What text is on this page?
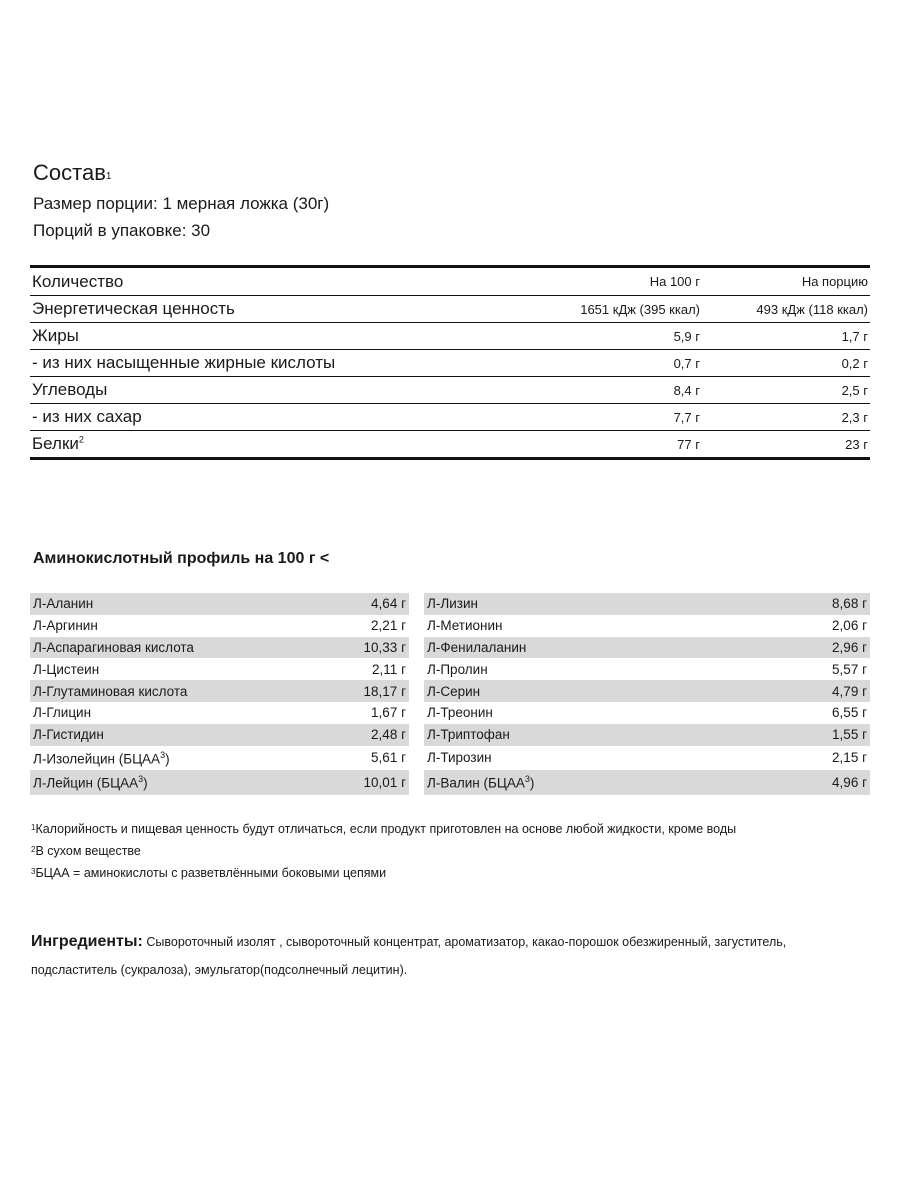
Состав$^1$
Размер порции: 1 мерная ложка (30г)
Порций в упаковке: 30
Количество	На 100 г	На порцию
Энергетическая ценность	1651 кДж (395 ккал)	493 кДж (118 ккал)
Жиры	5,9 г	1,7 г
- из них насыщенные жирные кислоты	0,7 г	0,2 г
Углеводы	8,4 г	2,5 г
- из них сахар	7,7 г	2,3 г
Белки$^2$	77 г	23 г
Аминокислотный профиль на 100 г <
Л-Аланин	4,64 г
Л-Аргинин	2,21 г
Л-Аспарагиновая кислота	10,33 г
Л-Цистеин	2,11 г
Л-Глутаминовая кислота	18,17 г
Л-Глицин	1,67 г
Л-Гистидин	2,48 г
Л-Изолейцин (БЦАА$^3$)	5,61 г
Л-Лейцин (БЦАА$^3$)	10,01 г
Л-Лизин	8,68 г
Л-Метионин	2,06 г
Л-Фенилаланин	2,96 г
Л-Пролин	5,57 г
Л-Серин	4,79 г
Л-Треонин	6,55 г
Л-Триптофан	1,55 г
Л-Тирозин	2,15 г
Л-Валин (БЦАА$^3$)	4,96 г
$^1$Калорийность и пищевая ценность будут отличаться, если продукт приготовлен на основе любой жидкости, кроме воды
$^2$В сухом веществе
$^3$БЦАА = аминокислоты с разветвлёнными боковыми цепями
Ингредиенты: Сывороточный изолят , сывороточный концентрат, ароматизатор, какао-порошок обезжиренный, загуститель, подсластитель (сукралоза), эмульгатор(подсолнечный лецитин).
